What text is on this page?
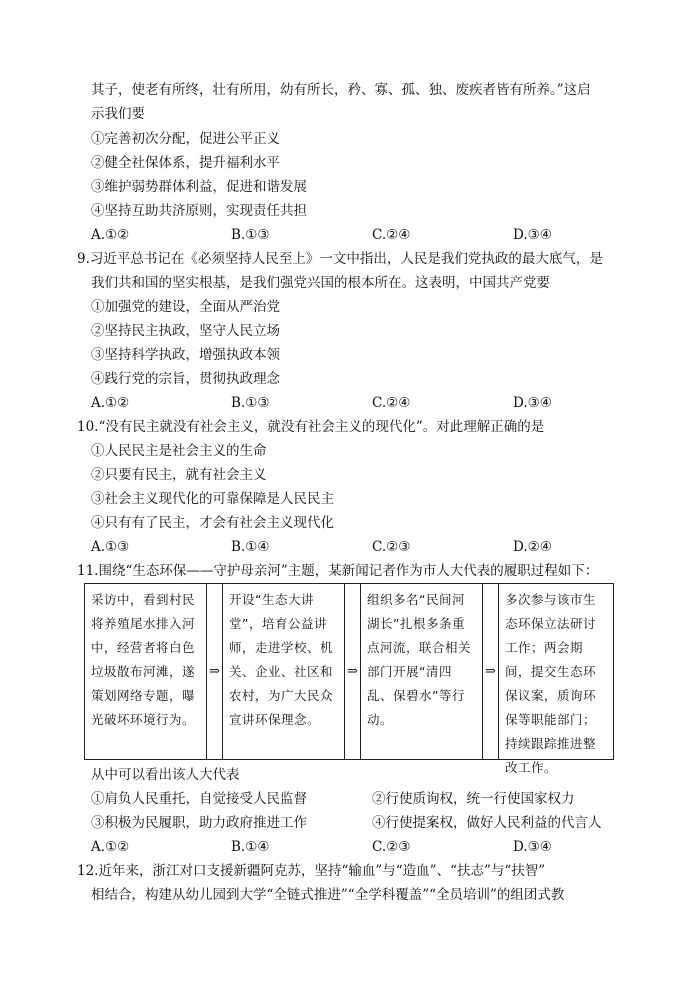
其子，使老有所终，壮有所用，幼有所长，矜、寡、孤、独、废疾者皆有所养。”这启
示我们要
①完善初次分配，促进公平正义
②健全社保体系，提升福利水平
③维护弱势群体利益，促进和谐发展
④坚持互助共济原则，实现责任共担
A.①②	B.①③	C.②④	D.③④
9.习近平总书记在《必须坚持人民至上》一文中指出，人民是我们党执政的最大底气，是
我们共和国的坚实根基，是我们强党兴国的根本所在。这表明，中国共产党要
①加强党的建设，全面从严治党
②坚持民主执政，坚守人民立场
③坚持科学执政，增强执政本领
④践行党的宗旨，贯彻执政理念
A.①②	B.①③	C.②④	D.③④
10.“没有民主就没有社会主义，就没有社会主义的现代化”。对此理解正确的是
①人民民主是社会主义的生命
②只要有民主，就有社会主义
③社会主义现代化的可靠保障是人民民主
④只有有了民主，才会有社会主义现代化
A.①③	B.①④	C.②③	D.②④
11.围绕“生态环保——守护母亲河”主题，某新闻记者作为市人大代表的履职过程如下：
采访中，看到村民将养殖尾水排入河中，经营者将白色垃圾散布河滩，遂策划网络专题，曝光破坏环境行为。
⇒
开设“生态大讲堂”，培育公益讲师，走进学校、机关、企业、社区和农村，为广大民众宣讲环保理念。
⇒
组织多名“民间河湖长”扎根多条重点河流，联合相关部门开展“清四乱、保碧水”等行动。
⇒
多次参与该市生态环保立法研讨工作；两会期间，提交生态环保议案，质询环保等职能部门；持续跟踪推进整改工作。
从中可以看出该人大代表
①肩负人民重托，自觉接受人民监督	②行使质询权，统一行使国家权力
③积极为民履职，助力政府推进工作	④行使提案权，做好人民利益的代言人
A.①②	B.①④	C.②③	D.③④
12.近年来，浙江对口支援新疆阿克苏，坚持“输血”与“造血”、“扶志”与“扶智”
相结合，构建从幼儿园到大学“全链式推进”“全学科覆盖”“全员培训”的组团式教
